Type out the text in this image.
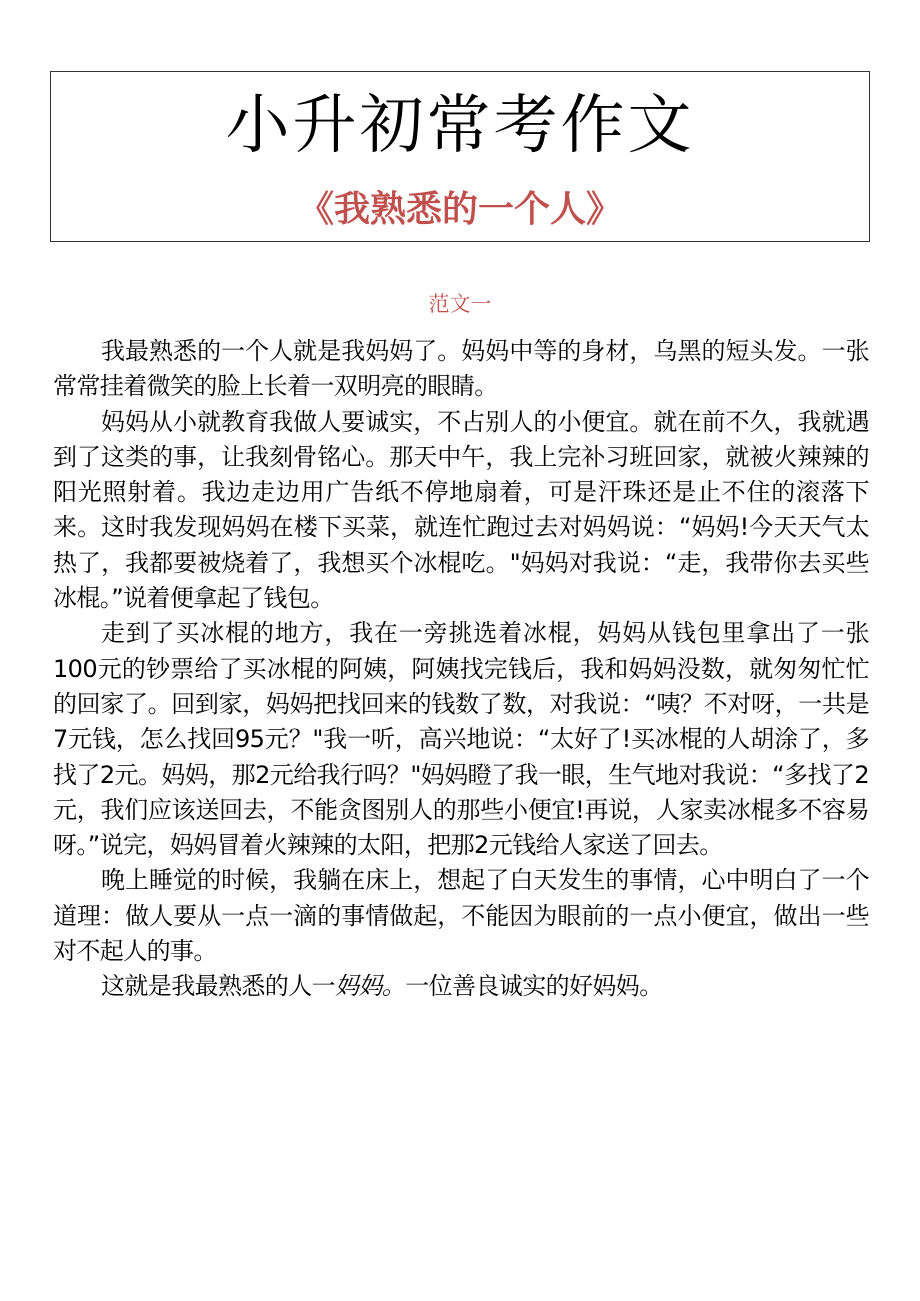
小升初常考作文
《我熟悉的一个人》
范文一

我最熟悉的一个人就是我妈妈了。妈妈中等的身材，乌黑的短头发。一张常常挂着微笑的脸上长着一双明亮的眼睛。

妈妈从小就教育我做人要诚实，不占别人的小便宜。就在前不久，我就遇到了这类的事，让我刻骨铭心。那天中午，我上完补习班回家，就被火辣辣的阳光照射着。我边走边用广告纸不停地扇着，可是汗珠还是止不住的滚落下来。这时我发现妈妈在楼下买菜，就连忙跑过去对妈妈说：“妈妈!今天天气太热了，我都要被烧着了，我想买个冰棍吃。"妈妈对我说：“走，我带你去买些冰棍。”说着便拿起了钱包。

走到了买冰棍的地方，我在一旁挑选着冰棍，妈妈从钱包里拿出了一张100元的钞票给了买冰棍的阿姨，阿姨找完钱后，我和妈妈没数，就匆匆忙忙的回家了。回到家，妈妈把找回来的钱数了数，对我说：“咦？不对呀，一共是7元钱，怎么找回95元？"我一听，高兴地说：“太好了!买冰棍的人胡涂了，多找了2元。妈妈，那2元给我行吗？"妈妈瞪了我一眼，生气地对我说：“多找了2元，我们应该送回去，不能贪图别人的那些小便宜!再说，人家卖冰棍多不容易呀。”说完，妈妈冒着火辣辣的太阳，把那2元钱给人家送了回去。

晚上睡觉的时候，我躺在床上，想起了白天发生的事情，心中明白了一个道理：做人要从一点一滴的事情做起，不能因为眼前的一点小便宜，做出一些对不起人的事。

这就是我最熟悉的人一妈妈。一位善良诚实的好妈妈。
